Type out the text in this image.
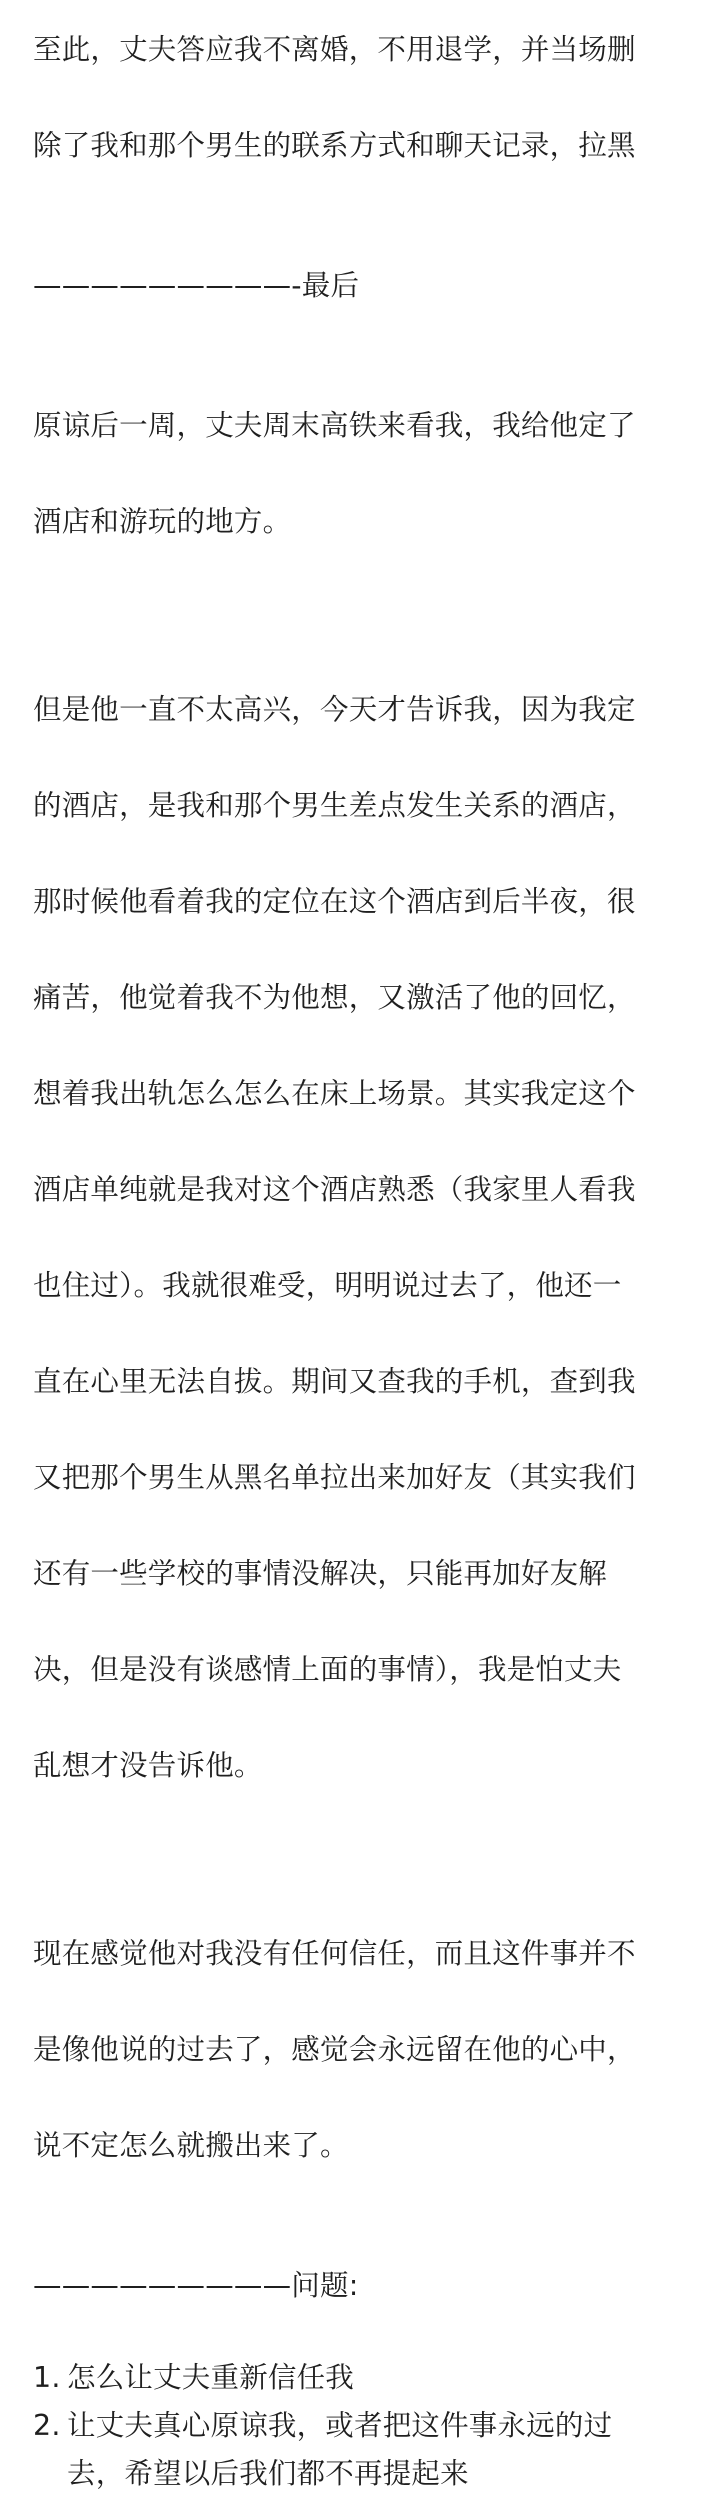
至此，丈夫答应我不离婚，不用退学，并当场删

除了我和那个男生的联系方式和聊天记录，拉黑

—————————-最后

原谅后一周，丈夫周末高铁来看我，我给他定了

酒店和游玩的地方。

但是他一直不太高兴，今天才告诉我，因为我定

的酒店，是我和那个男生差点发生关系的酒店，

那时候他看着我的定位在这个酒店到后半夜，很

痛苦，他觉着我不为他想，又激活了他的回忆，

想着我出轨怎么怎么在床上场景。其实我定这个

酒店单纯就是我对这个酒店熟悉（我家里人看我

也住过）。我就很难受，明明说过去了，他还一

直在心里无法自拔。期间又查我的手机，查到我

又把那个男生从黑名单拉出来加好友（其实我们

还有一些学校的事情没解决，只能再加好友解

决，但是没有谈感情上面的事情），我是怕丈夫

乱想才没告诉他。

现在感觉他对我没有任何信任，而且这件事并不

是像他说的过去了，感觉会永远留在他的心中，

说不定怎么就搬出来了。

—————————问题:
1. 怎么让丈夫重新信任我
2. 让丈夫真心原谅我，或者把这件事永远的过
去，希望以后我们都不再提起来
